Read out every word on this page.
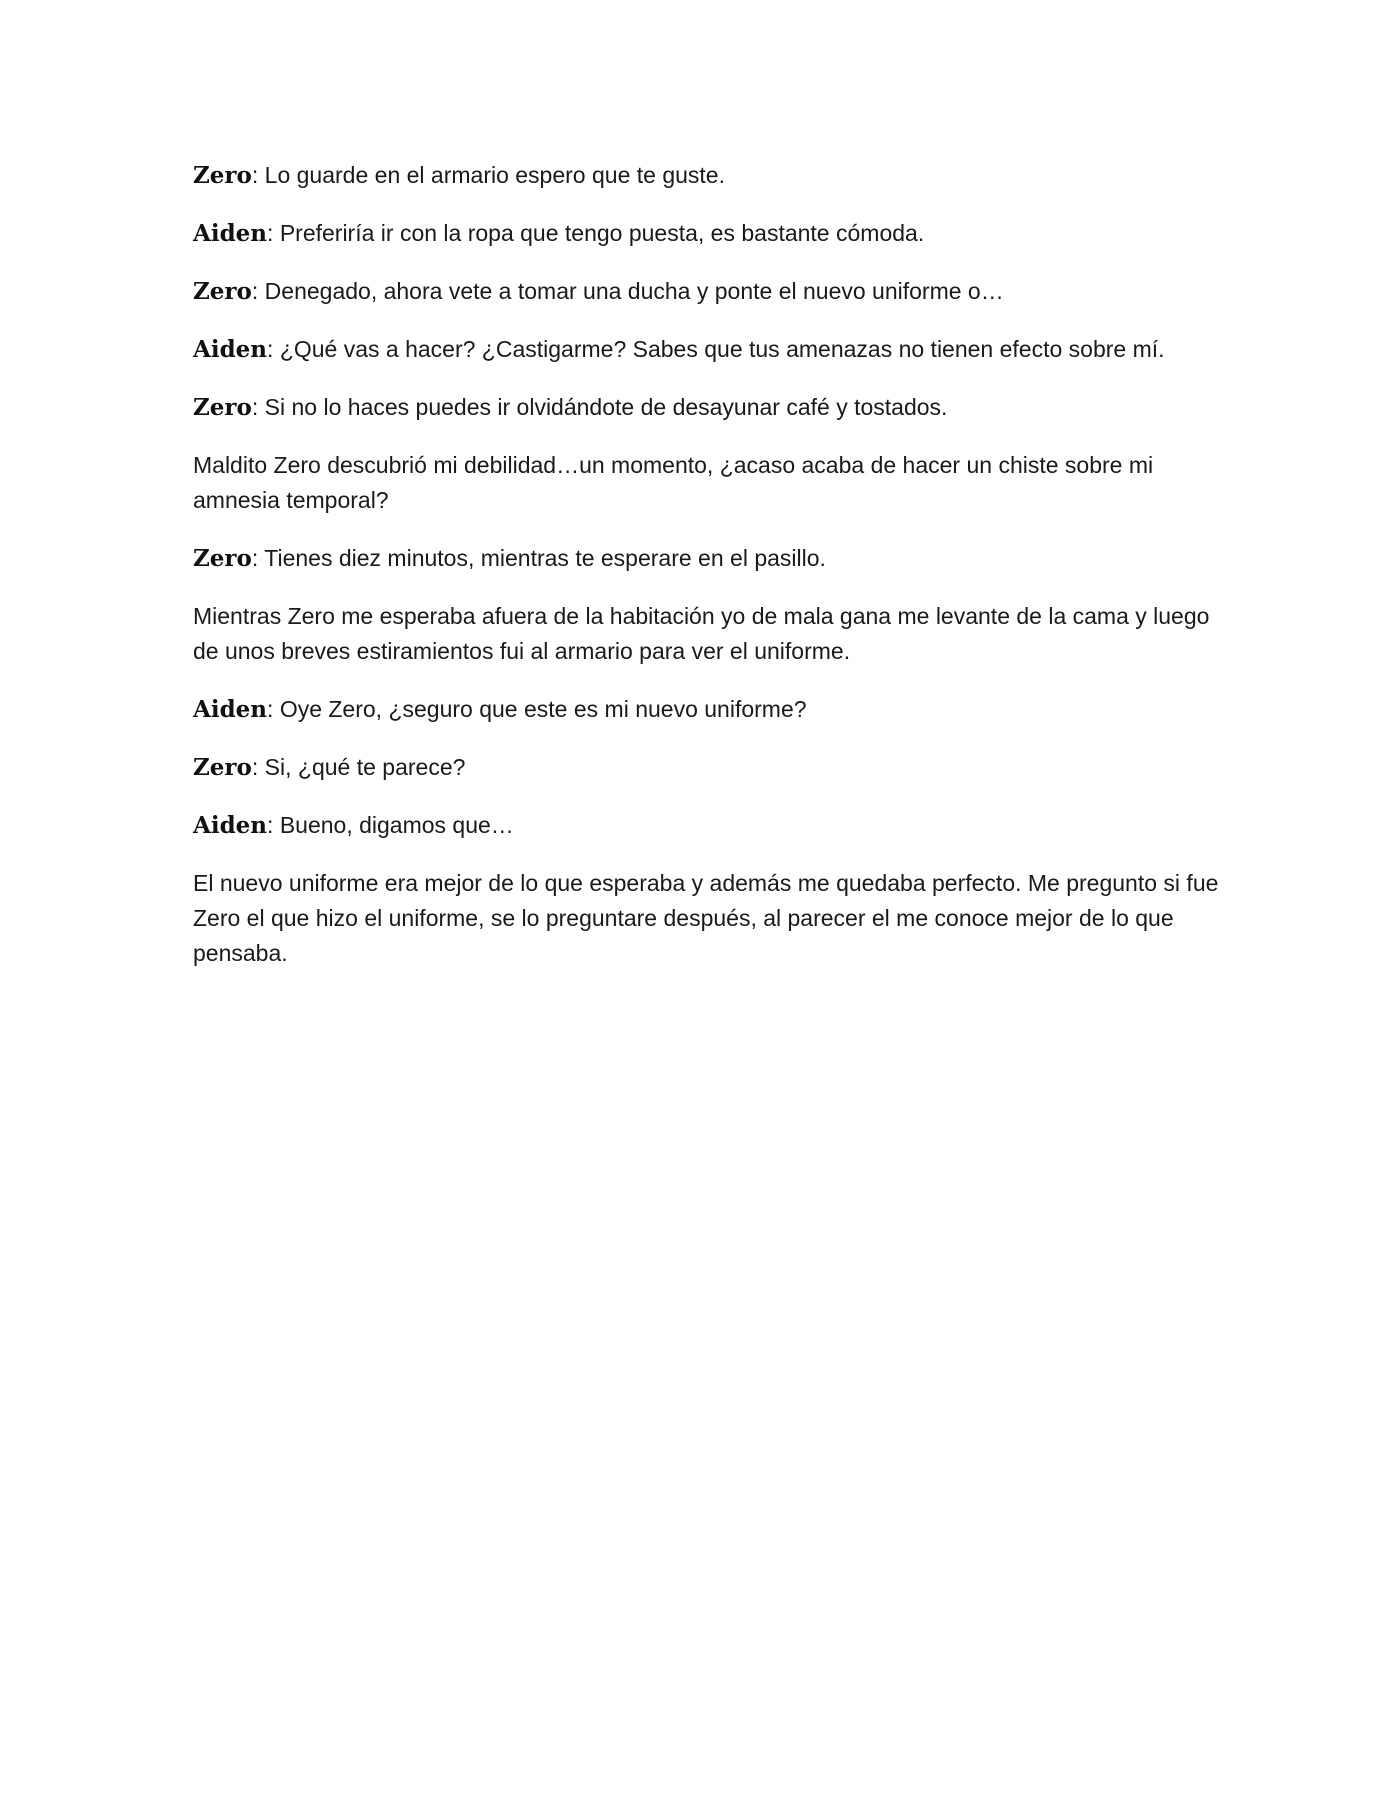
Zero: Lo guarde en el armario espero que te guste.

Aiden: Preferiría ir con la ropa que tengo puesta, es bastante cómoda.

Zero: Denegado, ahora vete a tomar una ducha y ponte el nuevo uniforme o…

Aiden: ¿Qué vas a hacer? ¿Castigarme? Sabes que tus amenazas no tienen efecto sobre mí.

Zero: Si no lo haces puedes ir olvidándote de desayunar café y tostados.

Maldito Zero descubrió mi debilidad…un momento, ¿acaso acaba de hacer un chiste sobre mi amnesia temporal?

Zero: Tienes diez minutos, mientras te esperare en el pasillo.

Mientras Zero me esperaba afuera de la habitación yo de mala gana me levante de la cama y luego de unos breves estiramientos fui al armario para ver el uniforme.

Aiden: Oye Zero, ¿seguro que este es mi nuevo uniforme?

Zero: Si, ¿qué te parece?

Aiden: Bueno, digamos que…

El nuevo uniforme era mejor de lo que esperaba y además me quedaba perfecto. Me pregunto si fue Zero el que hizo el uniforme, se lo preguntare después, al parecer el me conoce mejor de lo que pensaba.
